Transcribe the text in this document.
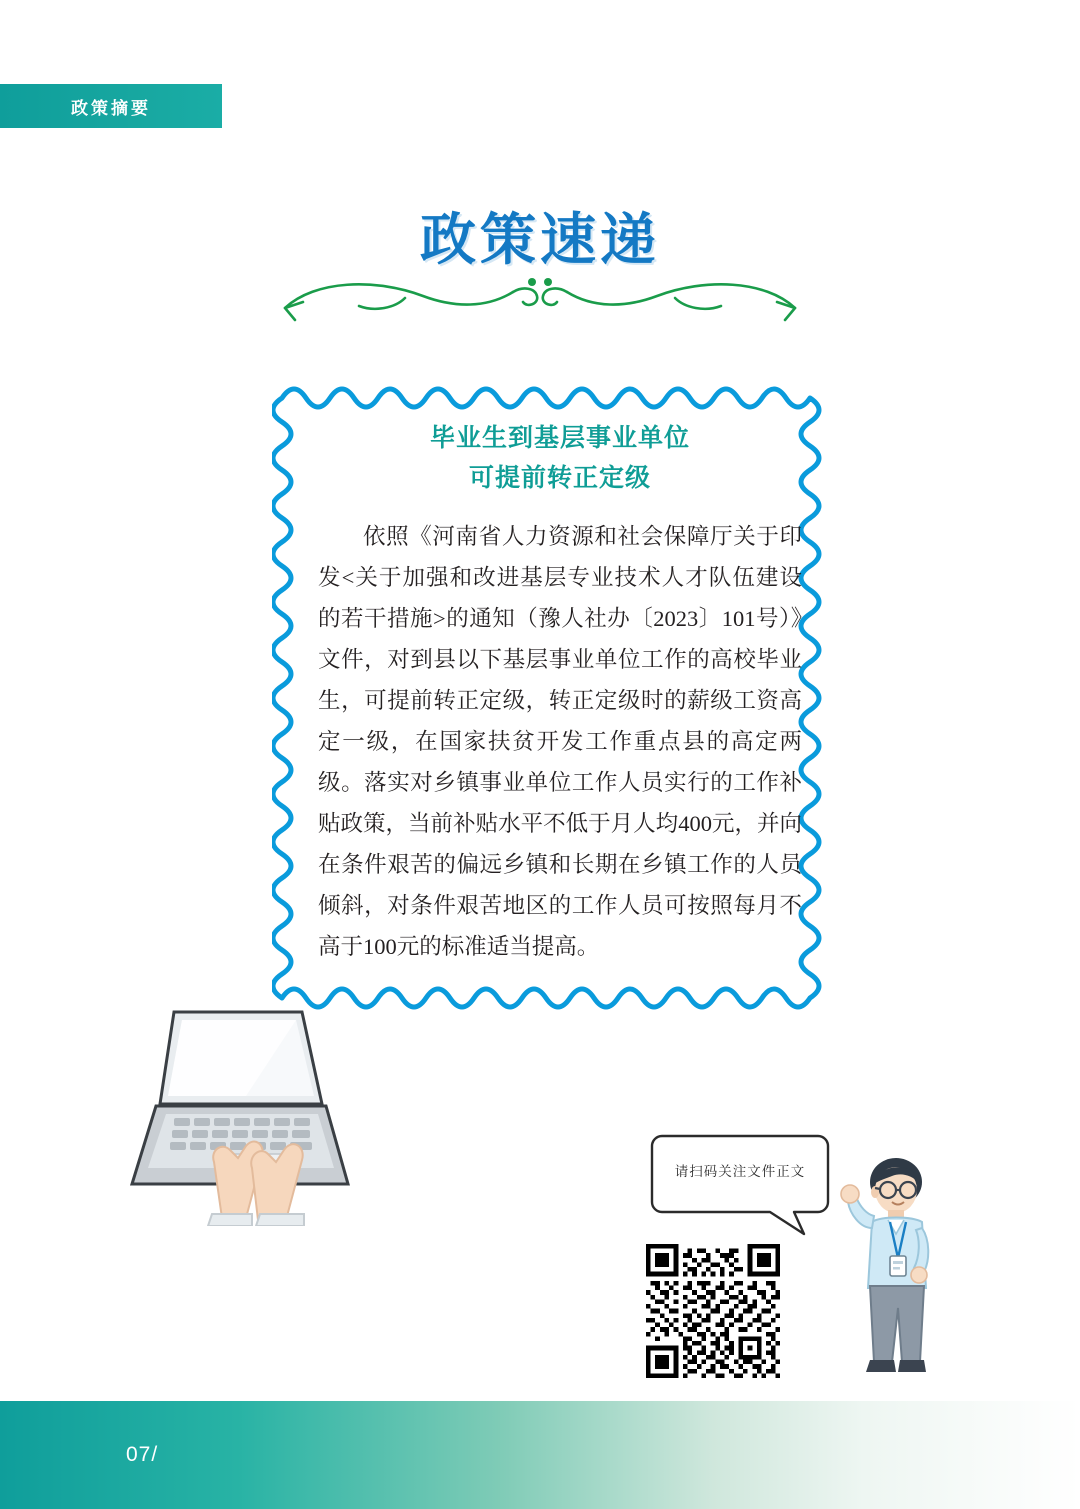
政策摘要
政策速递
毕业生到基层事业单位
可提前转正定级
依照《河南省人力资源和社会保障厅关于印发<关于加强和改进基层专业技术人才队伍建设的若干措施>的通知（豫人社办〔2023〕101号）》文件，对到县以下基层事业单位工作的高校毕业生，可提前转正定级，转正定级时的薪级工资高定一级，在国家扶贫开发工作重点县的高定两级。落实对乡镇事业单位工作人员实行的工作补贴政策，当前补贴水平不低于月人均400元，并向在条件艰苦的偏远乡镇和长期在乡镇工作的人员倾斜，对条件艰苦地区的工作人员可按照每月不高于100元的标准适当提高。
请扫码关注文件正文
07/
